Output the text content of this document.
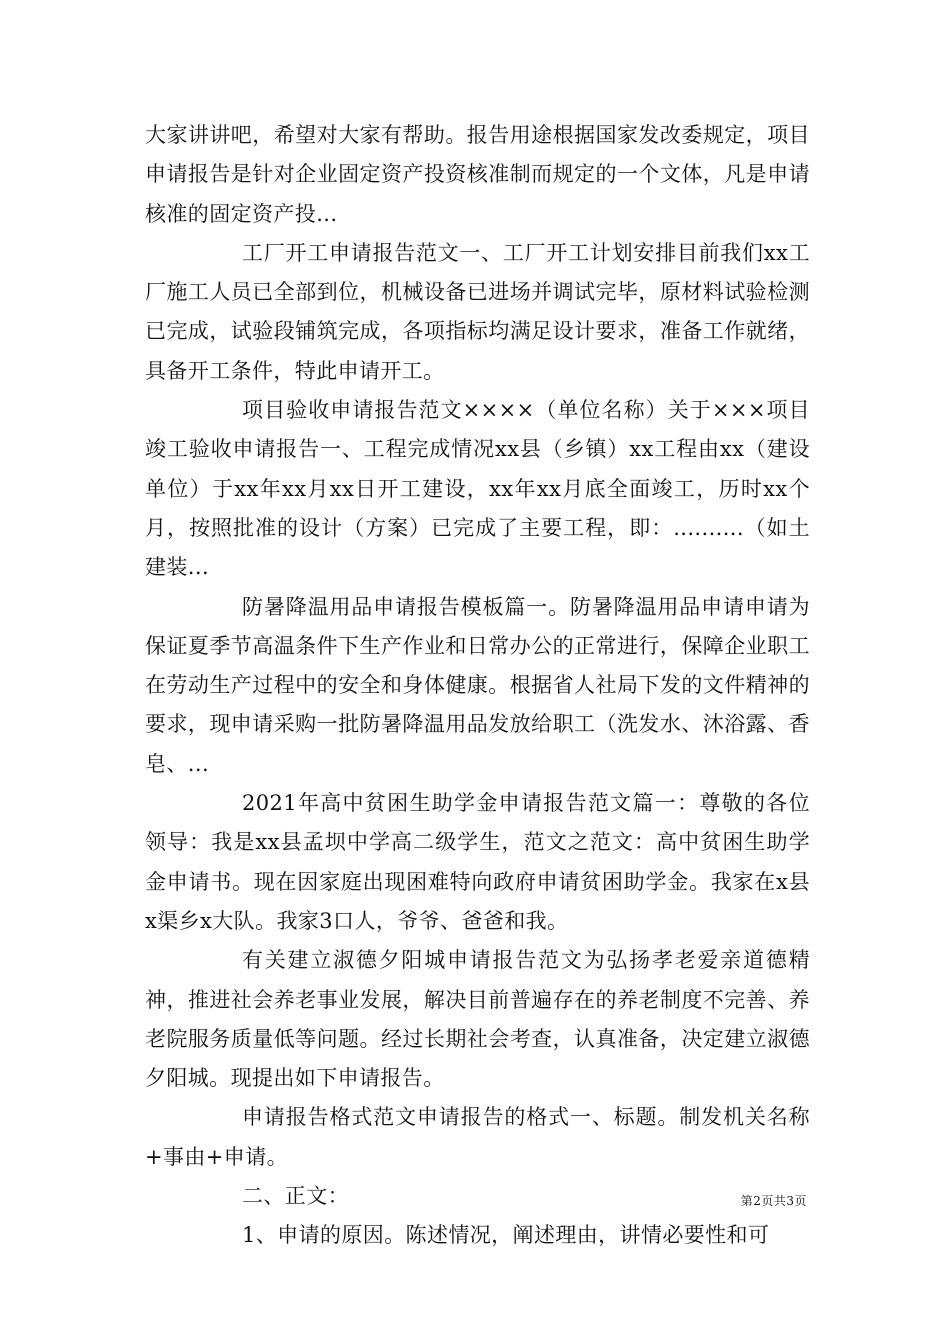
大家讲讲吧，希望对大家有帮助。报告用途根据国家发改委规定，项目申请报告是针对企业固定资产投资核准制而规定的一个文体，凡是申请核准的固定资产投...

工厂开工申请报告范文一、工厂开工计划安排目前我们xx工厂施工人员已全部到位，机械设备已进场并调试完毕，原材料试验检测已完成，试验段铺筑完成，各项指标均满足设计要求，准备工作就绪，具备开工条件，特此申请开工。

项目验收申请报告范文××××（单位名称）关于×××项目竣工验收申请报告一、工程完成情况xx县（乡镇）xx工程由xx（建设单位）于xx年xx月xx日开工建设，xx年xx月底全面竣工，历时xx个月，按照批准的设计（方案）已完成了主要工程，即：..........（如土建装...

防暑降温用品申请报告模板篇一。防暑降温用品申请申请为保证夏季节高温条件下生产作业和日常办公的正常进行，保障企业职工在劳动生产过程中的安全和身体健康。根据省人社局下发的文件精神的要求，现申请采购一批防暑降温用品发放给职工（洗发水、沐浴露、香皂、...

2021年高中贫困生助学金申请报告范文篇一：尊敬的各位领导：我是xx县孟坝中学高二级学生，范文之范文：高中贫困生助学金申请书。现在因家庭出现困难特向政府申请贫困助学金。我家在x县x渠乡x大队。我家3口人，爷爷、爸爸和我。

有关建立淑德夕阳城申请报告范文为弘扬孝老爱亲道德精神，推进社会养老事业发展，解决目前普遍存在的养老制度不完善、养老院服务质量低等问题。经过长期社会考查，认真准备，决定建立淑德夕阳城。现提出如下申请报告。

申请报告格式范文申请报告的格式一、标题。制发机关名称+事由+申请。

二、正文：

1、申请的原因。陈述情况，阐述理由，讲情必要性和可

第2页共3页
